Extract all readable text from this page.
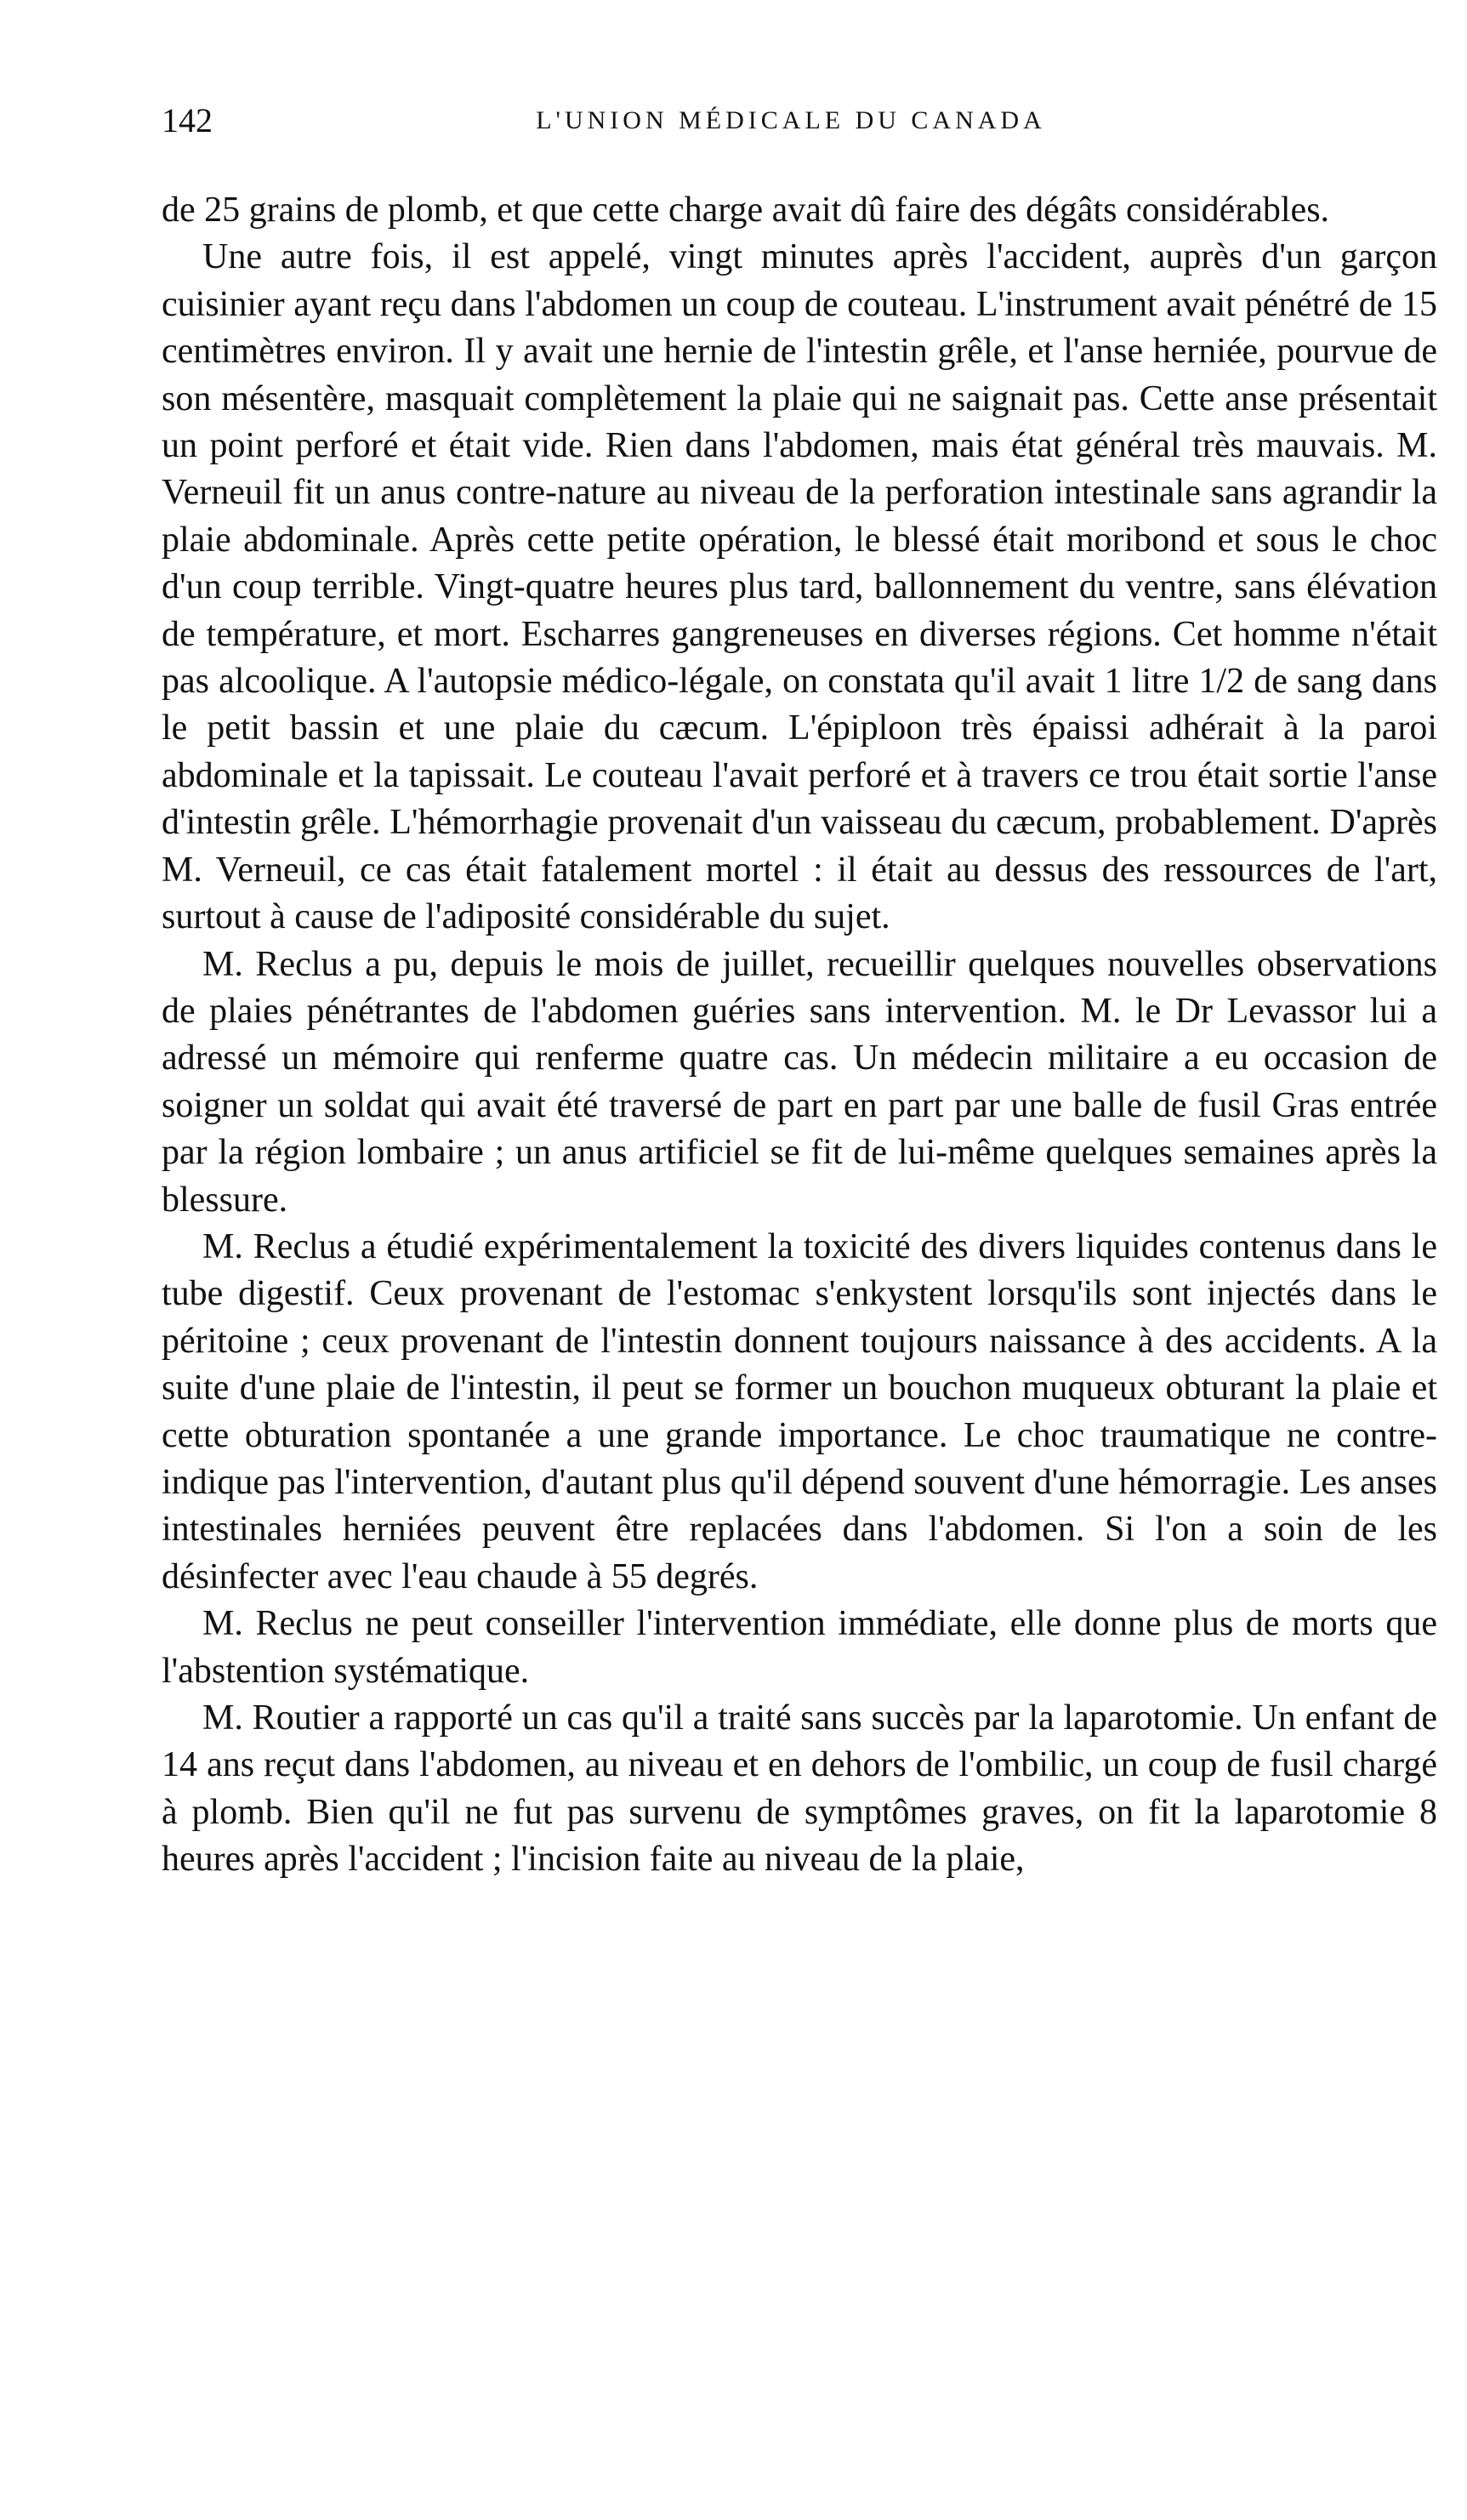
142	L'UNION MÉDICALE DU CANADA

de 25 grains de plomb, et que cette charge avait dû faire des dégâts considérables.

Une autre fois, il est appelé, vingt minutes après l'accident, auprès d'un garçon cuisinier ayant reçu dans l'abdomen un coup de couteau. L'instrument avait pénétré de 15 centimètres environ. Il y avait une hernie de l'intestin grêle, et l'anse herniée, pourvue de son mésentère, masquait complètement la plaie qui ne saignait pas. Cette anse présentait un point perforé et était vide. Rien dans l'abdomen, mais état général très mauvais. M. Verneuil fit un anus contre-nature au niveau de la perforation intestinale sans agrandir la plaie abdominale. Après cette petite opération, le blessé était moribond et sous le choc d'un coup terrible. Vingt-quatre heures plus tard, ballonnement du ventre, sans élévation de température, et mort. Escharres gangreneuses en diverses régions. Cet homme n'était pas alcoolique. A l'autopsie médico-légale, on constata qu'il avait 1 litre 1/2 de sang dans le petit bassin et une plaie du cæcum. L'épiploon très épaissi adhérait à la paroi abdominale et la tapissait. Le couteau l'avait perforé et à travers ce trou était sortie l'anse d'intestin grêle. L'hémorrhagie provenait d'un vaisseau du cæcum, probablement. D'après M. Verneuil, ce cas était fatalement mortel : il était au dessus des ressources de l'art, surtout à cause de l'adiposité considérable du sujet.

M. Reclus a pu, depuis le mois de juillet, recueillir quelques nouvelles observations de plaies pénétrantes de l'abdomen guéries sans intervention. M. le Dr Levassor lui a adressé un mémoire qui renferme quatre cas. Un médecin militaire a eu occasion de soigner un soldat qui avait été traversé de part en part par une balle de fusil Gras entrée par la région lombaire ; un anus artificiel se fit de lui-même quelques semaines après la blessure.

M. Reclus a étudié expérimentalement la toxicité des divers liquides contenus dans le tube digestif. Ceux provenant de l'estomac s'enkystent lorsqu'ils sont injectés dans le péritoine ; ceux provenant de l'intestin donnent toujours naissance à des accidents. A la suite d'une plaie de l'intestin, il peut se former un bouchon muqueux obturant la plaie et cette obturation spontanée a une grande importance. Le choc traumatique ne contre-indique pas l'intervention, d'autant plus qu'il dépend souvent d'une hémorragie. Les anses intestinales herniées peuvent être replacées dans l'abdomen. Si l'on a soin de les désinfecter avec l'eau chaude à 55 degrés.

M. Reclus ne peut conseiller l'intervention immédiate, elle donne plus de morts que l'abstention systématique.

M. Routier a rapporté un cas qu'il a traité sans succès par la laparotomie. Un enfant de 14 ans reçut dans l'abdomen, au niveau et en dehors de l'ombilic, un coup de fusil chargé à plomb. Bien qu'il ne fut pas survenu de symptômes graves, on fit la laparotomie 8 heures après l'accident ; l'incision faite au niveau de la plaie,
